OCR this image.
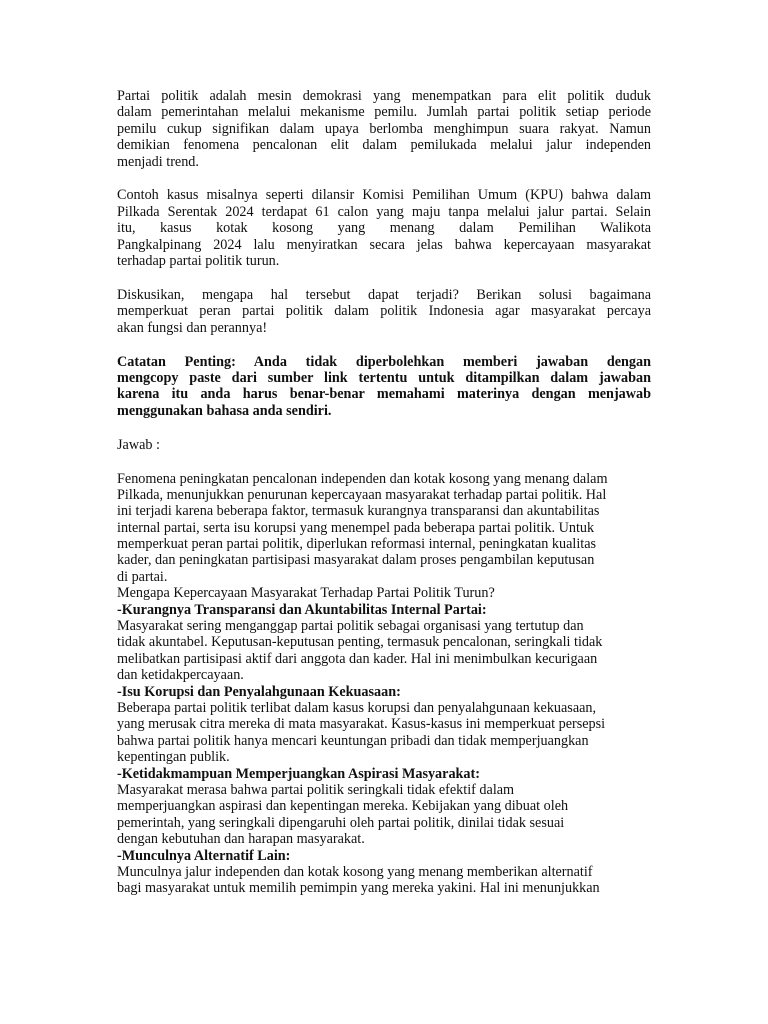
Partai politik adalah mesin demokrasi yang menempatkan para elit politik duduk
dalam pemerintahan melalui mekanisme pemilu. Jumlah partai politik setiap periode
pemilu cukup signifikan dalam upaya berlomba menghimpun suara rakyat. Namun
demikian fenomena pencalonan elit dalam pemilukada melalui jalur independen
menjadi trend.
Contoh kasus misalnya seperti dilansir Komisi Pemilihan Umum (KPU) bahwa dalam
Pilkada Serentak 2024 terdapat 61 calon yang maju tanpa melalui jalur partai. Selain
itu, kasus kotak kosong yang menang dalam Pemilihan Walikota
Pangkalpinang 2024 lalu menyiratkan secara jelas bahwa kepercayaan masyarakat
terhadap partai politik turun.
Diskusikan, mengapa hal tersebut dapat terjadi? Berikan solusi bagaimana
memperkuat peran partai politik dalam politik Indonesia agar masyarakat percaya
akan fungsi dan perannya!
Catatan Penting: Anda tidak diperbolehkan memberi jawaban dengan
mengcopy paste dari sumber link tertentu untuk ditampilkan dalam jawaban
karena itu anda harus benar-benar memahami materinya dengan menjawab
menggunakan bahasa anda sendiri.
Jawab :
Fenomena peningkatan pencalonan independen dan kotak kosong yang menang dalam
Pilkada, menunjukkan penurunan kepercayaan masyarakat terhadap partai politik. Hal
ini terjadi karena beberapa faktor, termasuk kurangnya transparansi dan akuntabilitas
internal partai, serta isu korupsi yang menempel pada beberapa partai politik. Untuk
memperkuat peran partai politik, diperlukan reformasi internal, peningkatan kualitas
kader, dan peningkatan partisipasi masyarakat dalam proses pengambilan keputusan
di partai.
Mengapa Kepercayaan Masyarakat Terhadap Partai Politik Turun?
-Kurangnya Transparansi dan Akuntabilitas Internal Partai:
Masyarakat sering menganggap partai politik sebagai organisasi yang tertutup dan
tidak akuntabel. Keputusan-keputusan penting, termasuk pencalonan, seringkali tidak
melibatkan partisipasi aktif dari anggota dan kader. Hal ini menimbulkan kecurigaan
dan ketidakpercayaan.
-Isu Korupsi dan Penyalahgunaan Kekuasaan:
Beberapa partai politik terlibat dalam kasus korupsi dan penyalahgunaan kekuasaan,
yang merusak citra mereka di mata masyarakat. Kasus-kasus ini memperkuat persepsi
bahwa partai politik hanya mencari keuntungan pribadi dan tidak memperjuangkan
kepentingan publik.
-Ketidakmampuan Memperjuangkan Aspirasi Masyarakat:
Masyarakat merasa bahwa partai politik seringkali tidak efektif dalam
memperjuangkan aspirasi dan kepentingan mereka. Kebijakan yang dibuat oleh
pemerintah, yang seringkali dipengaruhi oleh partai politik, dinilai tidak sesuai
dengan kebutuhan dan harapan masyarakat.
-Munculnya Alternatif Lain:
Munculnya jalur independen dan kotak kosong yang menang memberikan alternatif
bagi masyarakat untuk memilih pemimpin yang mereka yakini. Hal ini menunjukkan
